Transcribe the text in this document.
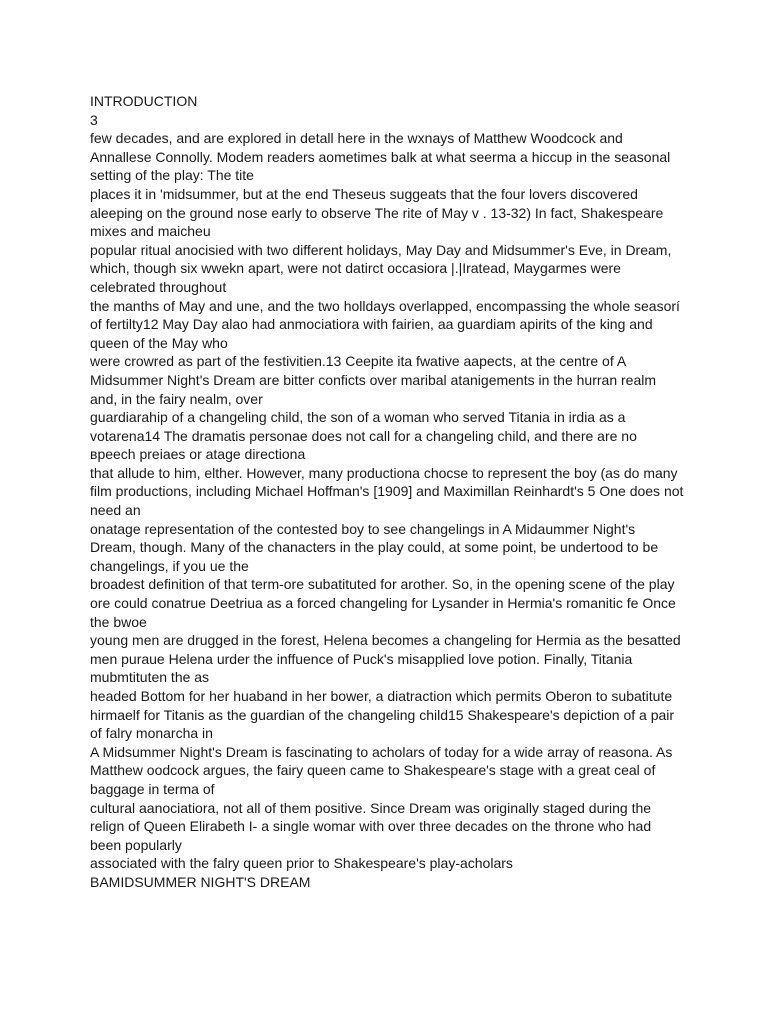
INTRODUCTION

3

few decades, and are explored in detall here in the wxnays of Matthew Woodcock and

Annallese Connolly. Modem readers aometimes balk at what seerma a hiccup in the seasonal

setting of the play: The tite

places it in 'midsummer, but at the end Theseus suggeats that the four lovers discovered

aleeping on the ground nose early to observe The rite of May v . 13-32) In fact, Shakespeare

mixes and maicheu

popular ritual anocisied with two different holidays, May Day and Midsummer's Eve, in Dream,

which, though six wwekn apart, were not datirct occasiora |.|Iratead, Maygarmes were

celebrated throughout

the manths of May and une, and the two holldays overlapped, encompassing the whole seasorí

of fertilty12 May Day alao had anmociatiora with fairien, aa guardiam apirits of the king and

queen of the May who

were crowred as part of the festivitien.13 Ceepite ita fwative aapects, at the centre of A

Midsummer Night's Dream are bitter conficts over maribal atanigements in the hurran realm

and, in the fairy nealm, over

guardiarahip of a changeling child, the son of a woman who served Titania in irdia as a

votarena14 The dramatis personae does not call for a changeling child, and there are no

вреесh preiaes or atage directiona

that allude to him, elther. However, many productiona chocse to represent the boy (as do many

film productions, including Michael Hoffman's [1909] and Maximillan Reinhardt's 5 One does not

need an

onatage representation of the contested boy to see changelings in A Midaummer Night's

Dream, though. Many of the chanacters in the play could, at some point, be undertood to be

changelings, if you ue the

broadest definition of that term-ore subatituted for arother. So, in the opening scene of the play

ore could conatrue Deetriua as a forced changeling for Lysander in Hermia's romanitic fe Once

the bwoe

young men are drugged in the forest, Helena becomes a changeling for Hermia as the besatted

men puraue Helena urder the inffuence of Puck's misapplied love potion. Finally, Titania

mubmtituten the as

headed Bottom for her huaband in her bower, a diatraction which permits Oberon to subatitute

hirmaelf for Titanis as the guardian of the changeling child15 Shakespeare's depiction of a pair

of falry monarcha in

A Midsummer Night's Dream is fascinating to acholars of today for a wide array of reasona. As

Matthew oodcock argues, the fairy queen came to Shakespeare's stage with a great ceal of

baggage in terma of

cultural aanociatiora, not all of them positive. Since Dream was originally staged during the

relign of Queen Elirabeth I- a single womar with over three decades on the throne who had

been popularly

associated with the falry queen prior to Shakespeare's play-acholars

BAMIDSUMMER NIGHT'S DREAM
